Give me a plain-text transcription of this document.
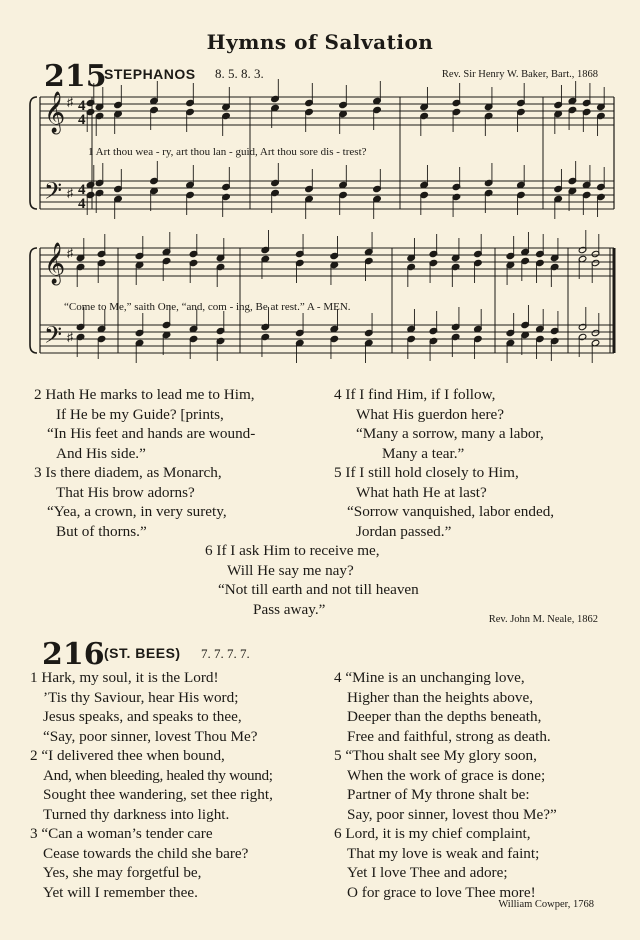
Hymns of Salvation
215
STEPHANOS 8. 5. 8. 3.	Rev. Sir Henry W. Baker, Bart., 1868
𝄞
𝄢
♯
♯
4
4
4
4
1 Art thou wea - ry, art thou lan - guid, Art thou sore dis - trest?
𝄞
𝄢
♯
♯
“Come to Me,” saith One, “and, com - ing, Be at rest.” A - MEN.
2 Hath He marks to lead me to Him,
If He be my Guide? [prints,
“In His feet and hands are wound-
And His side.”
4 If I find Him, if I follow,
What His guerdon here?
“Many a sorrow, many a labor,
Many a tear.”
3 Is there diadem, as Monarch,
That His brow adorns?
“Yea, a crown, in very surety,
But of thorns.”
5 If I still hold closely to Him,
What hath He at last?
“Sorrow vanquished, labor ended,
Jordan passed.”
6 If I ask Him to receive me,
Will He say me nay?
“Not till earth and not till heaven
Pass away.”
Rev. John M. Neale, 1862
216 (ST. BEES) 7. 7. 7. 7.
1 Hark, my soul, it is the Lord!
’Tis thy Saviour, hear His word;
Jesus speaks, and speaks to thee,
“Say, poor sinner, lovest Thou Me?
4 “Mine is an unchanging love,
Higher than the heights above,
Deeper than the depths beneath,
Free and faithful, strong as death.
2 “I delivered thee when bound,
And, when bleeding, healed thy wound;
Sought thee wandering, set thee right,
Turned thy darkness into light.
5 “Thou shalt see My glory soon,
When the work of grace is done;
Partner of My throne shalt be:
Say, poor sinner, lovest thou Me?”
3 “Can a woman’s tender care
Cease towards the child she bare?
Yes, she may forgetful be,
Yet will I remember thee.
6 Lord, it is my chief complaint,
That my love is weak and faint;
Yet I love Thee and adore;
O for grace to love Thee more!
William Cowper, 1768
